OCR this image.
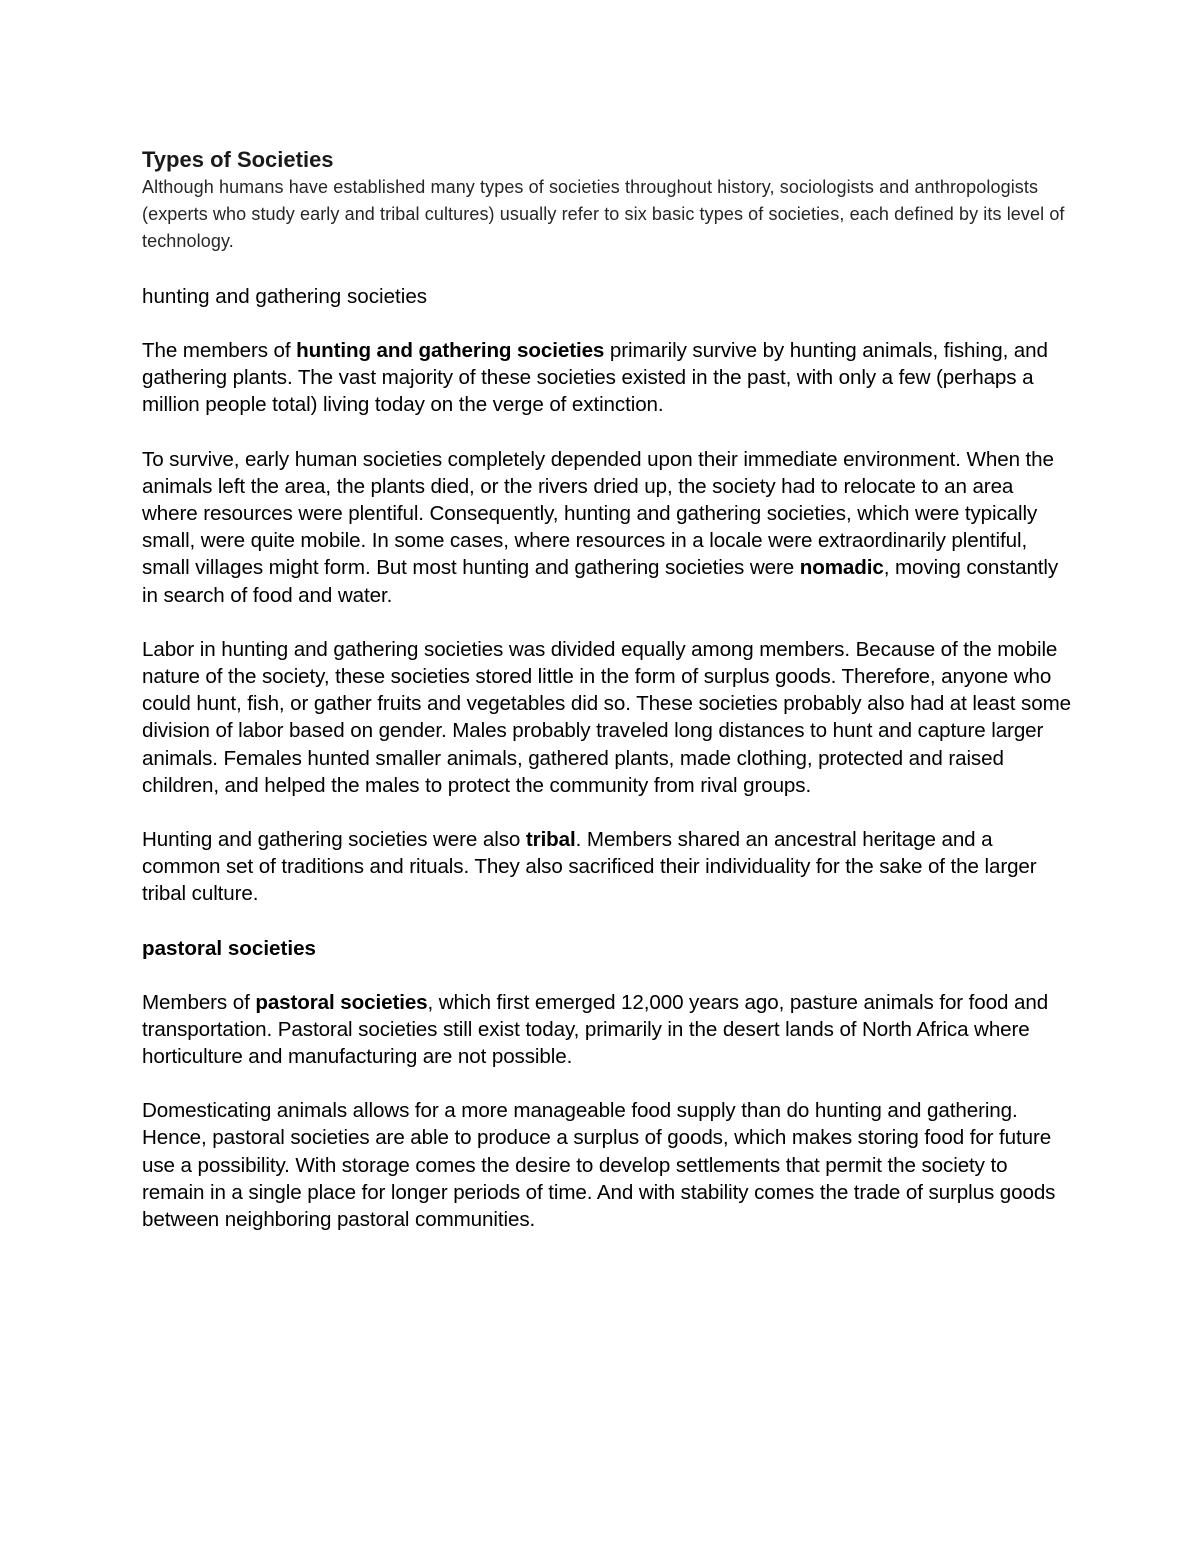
Types of Societies

Although humans have established many types of societies throughout history, sociologists and anthropologists (experts who study early and tribal cultures) usually refer to six basic types of societies, each defined by its level of technology.

hunting and gathering societies

The members of hunting and gathering societies primarily survive by hunting animals, fishing, and gathering plants. The vast majority of these societies existed in the past, with only a few (perhaps a million people total) living today on the verge of extinction.

To survive, early human societies completely depended upon their immediate environment. When the animals left the area, the plants died, or the rivers dried up, the society had to relocate to an area where resources were plentiful. Consequently, hunting and gathering societies, which were typically small, were quite mobile. In some cases, where resources in a locale were extraordinarily plentiful, small villages might form. But most hunting and gathering societies were nomadic, moving constantly in search of food and water.

Labor in hunting and gathering societies was divided equally among members. Because of the mobile nature of the society, these societies stored little in the form of surplus goods. Therefore, anyone who could hunt, fish, or gather fruits and vegetables did so. These societies probably also had at least some division of labor based on gender. Males probably traveled long distances to hunt and capture larger animals. Females hunted smaller animals, gathered plants, made clothing, protected and raised children, and helped the males to protect the community from rival groups.

Hunting and gathering societies were also tribal. Members shared an ancestral heritage and a common set of traditions and rituals. They also sacrificed their individuality for the sake of the larger tribal culture.

pastoral societies

Members of pastoral societies, which first emerged 12,000 years ago, pasture animals for food and transportation. Pastoral societies still exist today, primarily in the desert lands of North Africa where horticulture and manufacturing are not possible.

Domesticating animals allows for a more manageable food supply than do hunting and gathering. Hence, pastoral societies are able to produce a surplus of goods, which makes storing food for future use a possibility. With storage comes the desire to develop settlements that permit the society to remain in a single place for longer periods of time. And with stability comes the trade of surplus goods between neighboring pastoral communities.
